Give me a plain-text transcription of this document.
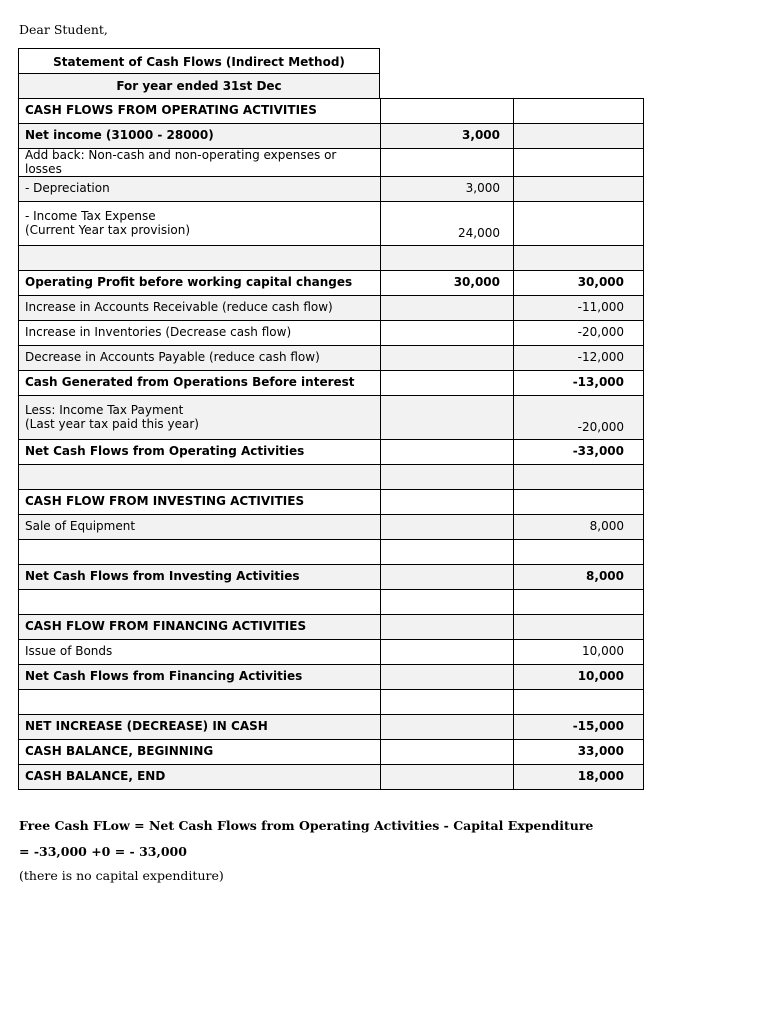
Dear Student,
Statement of Cash Flows (Indirect Method)
For year ended 31st Dec
CASH FLOWS FROM OPERATING ACTIVITIES		
Net income (31000 - 28000)	3,000	
Add back: Non-cash and non-operating expenses or losses		
- Depreciation	3,000	
- Income Tax Expense
(Current Year tax provision)	24,000	

Operating Profit before working capital changes	30,000	30,000
Increase in Accounts Receivable (reduce cash flow)		-11,000
Increase in Inventories (Decrease cash flow)		-20,000
Decrease in Accounts Payable (reduce cash flow)		-12,000
Cash Generated from Operations Before interest		-13,000
Less: Income Tax Payment
(Last year tax paid this year)		-20,000
Net Cash Flows from Operating Activities		-33,000

CASH FLOW FROM INVESTING ACTIVITIES		
Sale of Equipment		8,000

Net Cash Flows from Investing Activities		8,000

CASH FLOW FROM FINANCING ACTIVITIES		
Issue of Bonds		10,000
Net Cash Flows from Financing Activities		10,000

NET INCREASE (DECREASE) IN CASH		-15,000
CASH BALANCE, BEGINNING		33,000
CASH BALANCE, END		18,000
Free Cash FLow = Net Cash Flows from Operating Activities - Capital Expenditure
= -33,000 +0 = - 33,000
(there is no capital expenditure)
